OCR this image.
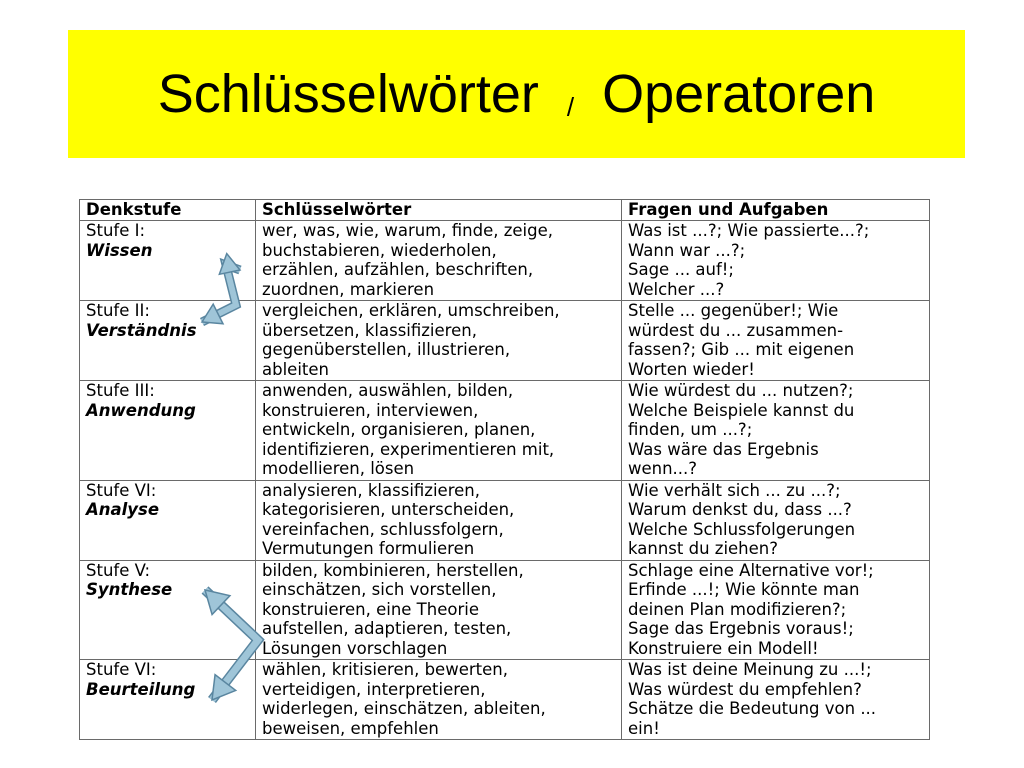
Schlüsselwörter / Operatoren
Denkstufe	Schlüsselwörter	Fragen und Aufgaben

Stufe I:
Wissen	wer, was, wie, warum, finde, zeige,
buchstabieren, wiederholen,
erzählen, aufzählen, beschriften,
zuordnen, markieren	Was ist ...?; Wie passierte...?;
Wann war ...?;
Sage ... auf!;
Welcher ...?

Stufe II:
Verständnis	vergleichen, erklären, umschreiben,
übersetzen, klassifizieren,
gegenüberstellen, illustrieren,
ableiten	Stelle ... gegenüber!; Wie
würdest du ... zusammen-
fassen?; Gib ... mit eigenen
Worten wieder!

Stufe III:
Anwendung	anwenden, auswählen, bilden,
konstruieren, interviewen,
entwickeln, organisieren, planen,
identifizieren, experimentieren mit,
modellieren, lösen	Wie würdest du ... nutzen?;
Welche Beispiele kannst du
finden, um ...?;
Was wäre das Ergebnis
wenn...?

Stufe VI:
Analyse	analysieren, klassifizieren,
kategorisieren, unterscheiden,
vereinfachen, schlussfolgern,
Vermutungen formulieren	Wie verhält sich ... zu ...?;
Warum denkst du, dass ...?
Welche Schlussfolgerungen
kannst du ziehen?

Stufe V:
Synthese	bilden, kombinieren, herstellen,
einschätzen, sich vorstellen,
konstruieren, eine Theorie
aufstellen, adaptieren, testen,
Lösungen vorschlagen	Schlage eine Alternative vor!;
Erfinde ...!; Wie könnte man
deinen Plan modifizieren?;
Sage das Ergebnis voraus!;
Konstruiere ein Modell!

Stufe VI:
Beurteilung	wählen, kritisieren, bewerten,
verteidigen, interpretieren,
widerlegen, einschätzen, ableiten,
beweisen, empfehlen	Was ist deine Meinung zu ...!;
Was würdest du empfehlen?
Schätze die Bedeutung von ...
ein!
